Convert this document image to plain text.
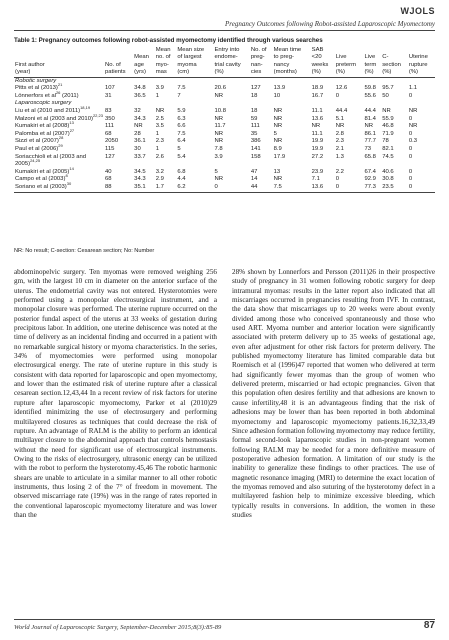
WJOLS
Pregnancy Outcomes following Robot-assisted Laparoscopic Myomectomy
Table 1: Pregnancy outcomes following robot-assisted myomectomy identified through various searches
			Mean	Mean size	Entry into	No. of	Mean time	SAB				
		Mean	no. of	of largest	endome-	preg-	to preg-	<20	Live	Live	C-	Uterine
First author	No. of	age	myo-	myoma	trial cavity	nan-	nancy	weeks	preterm	term	section	rupture
(year)	patients	(yrs)	mas	(cm)	(%)	cies	(months)	(%)	(%)	(%)	(%)	(%)
Robotic surgery												
Pitts et al $(2013)^{21}$	107	34.8	3.9	7.5	20.6	127	13.9	18.9	12.6	59.8	95.7	1.1
Lönnerfors et $al^{26}$ (2011)	31	36.5	1	7	NR	18	10	16.7	0	55.6	50	0
Laparoscopic surgery												
Liu et al (2010 and 2011)$^{18,19}$	83	32	NR	5.9	10.8	18	NR	11.1	44.4	44.4	NR	NR
Malzoni et al (2003 and 2010)$^{22,23}$	350	34.3	2.5	6.3	NR	59	NR	13.6	5.1	81.4	55.9	0
Kumakiri et al $(2008)^{13}$	111	NR	3.5	6.6	11.7	111	NR	NR	NR	NR	46.8	NR
Palomba et al $(2007)^{27}$	68	28	1	7.5	NR	35	5	11.1	2.8	86.1	71.9	0
Sizzi et al $(2007)^{28}$	2050	36.1	2.3	6.4	NR	386	NR	19.9	2.3	77.7	78	0.3
Paul et al $(2006)^{29}$	115	30	1	5	7.8	141	8.9	19.9	2.1	73	82.1	0
Soriacchioli et al (2003 and 2005)$^{24,25}$	127	33.7	2.6	5.4	3.9	158	17.9	27.2	1.3	65.8	74.5	0
Kumakiri et al $(2005)^{14}$	40	34.5	3.2	6.8	5	47	13	23.9	2.2	67.4	40.6	0
Campo et al $(2003)^8$	68	34.3	2.9	4.4	NR	14	NR	7.1	0	92.9	30.8	0
Soriano et al $(2003)^{30}$	88	35.1	1.7	6.2	0	44	7.5	13.6	0	77.3	23.5	0
NR: No result; C-section: Cesarean section; No: Number

abdominopelvic surgery. Ten myomas were removed weighing 256 gm, with the largest 10 cm in diameter on the anterior surface of the uterus. The endometrial cavity was not entered. Hysterotomies were performed using a monopolar electrosurgical instrument, and a monopolar closure was performed. The uterine rupture occurred on the posterior fundal aspect of the uterus at 33 weeks of gestation during precipitous labor. In addition, one uterine dehiscence was noted at the time of delivery as an incidental finding and occurred in a patient with no remarkable surgical history or myoma characteristics. In the series, 34% of myomectomies were performed using monopolar electrosurgical energy. The rate of uterine rupture in this study is consistent with data reported for laparoscopic and open myomectomy, and lower than the estimated risk of uterine rupture after a classical cesarean section.12,43,44 In a recent review of risk factors for uterine rupture after laparoscopic myomectomy, Parker et al (2010)29 identified minimizing the use of electrosurgery and performing multilayered closures as techniques that could decrease the risk of rupture. An advantage of RALM is the ability to perform an identical multilayer closure to the abdominal approach that controls hemostasis without the need for significant use of electrosurgical instruments. Owing to the risks of electrosurgery, ultrasonic energy can be utilized with the robot to perform the hysterotomy.45,46 The robotic harmonic shears are unable to articulate in a similar manner to all other robotic instruments, thus losing 2 of the 7° of freedom in movement. The observed miscarriage rate (19%) was in the range of rates reported in the conventional laparoscopic myomectomy literature and was lower than the

28% shown by Lonnerfors and Persson (2011)26 in their prospective study of pregnancy in 31 women following robotic surgery for deep intramural myomas: results in the latter report also indicated that all miscarriages occurred in pregnancies resulting from IVF. In contrast, the data show that miscarriages up to 20 weeks were about evenly divided among those who conceived spontaneously and those who used ART. Myoma number and anterior location were significantly associated with preterm delivery up to 35 weeks of gestational age, even after adjustment for other risk factors for preterm delivery. The published myomectomy literature has limited comparable data but Roemisch et al (1996)47 reported that women who delivered at term had significantly fewer myomas than the group of women who delivered preterm, miscarried or had ectopic pregnancies. Given that this population often desires fertility and that adhesions are known to cause infertility,48 it is an advantageous finding that the risk of adhesions may be lower than has been reported in both abdominal myomectomy and laparoscopic myomectomy patients.16,32,33,49 Since adhesion formation following myomectomy may reduce fertility, formal second-look laparoscopic studies in non-pregnant women following RALM may be needed for a more definitive measure of postoperative adhesion formation. A limitation of our study is the inability to generalize these findings to other practices. The use of magnetic resonance imaging (MRI) to determine the exact location of the myomas removed and also suturing of the hysterotomy defect in a multilayered fashion help to minimize excessive bleeding, which typically results in conversions. In addition, the women in these studies

World Journal of Laparoscopic Surgery, September-December 2015;8(3):85-89	87
